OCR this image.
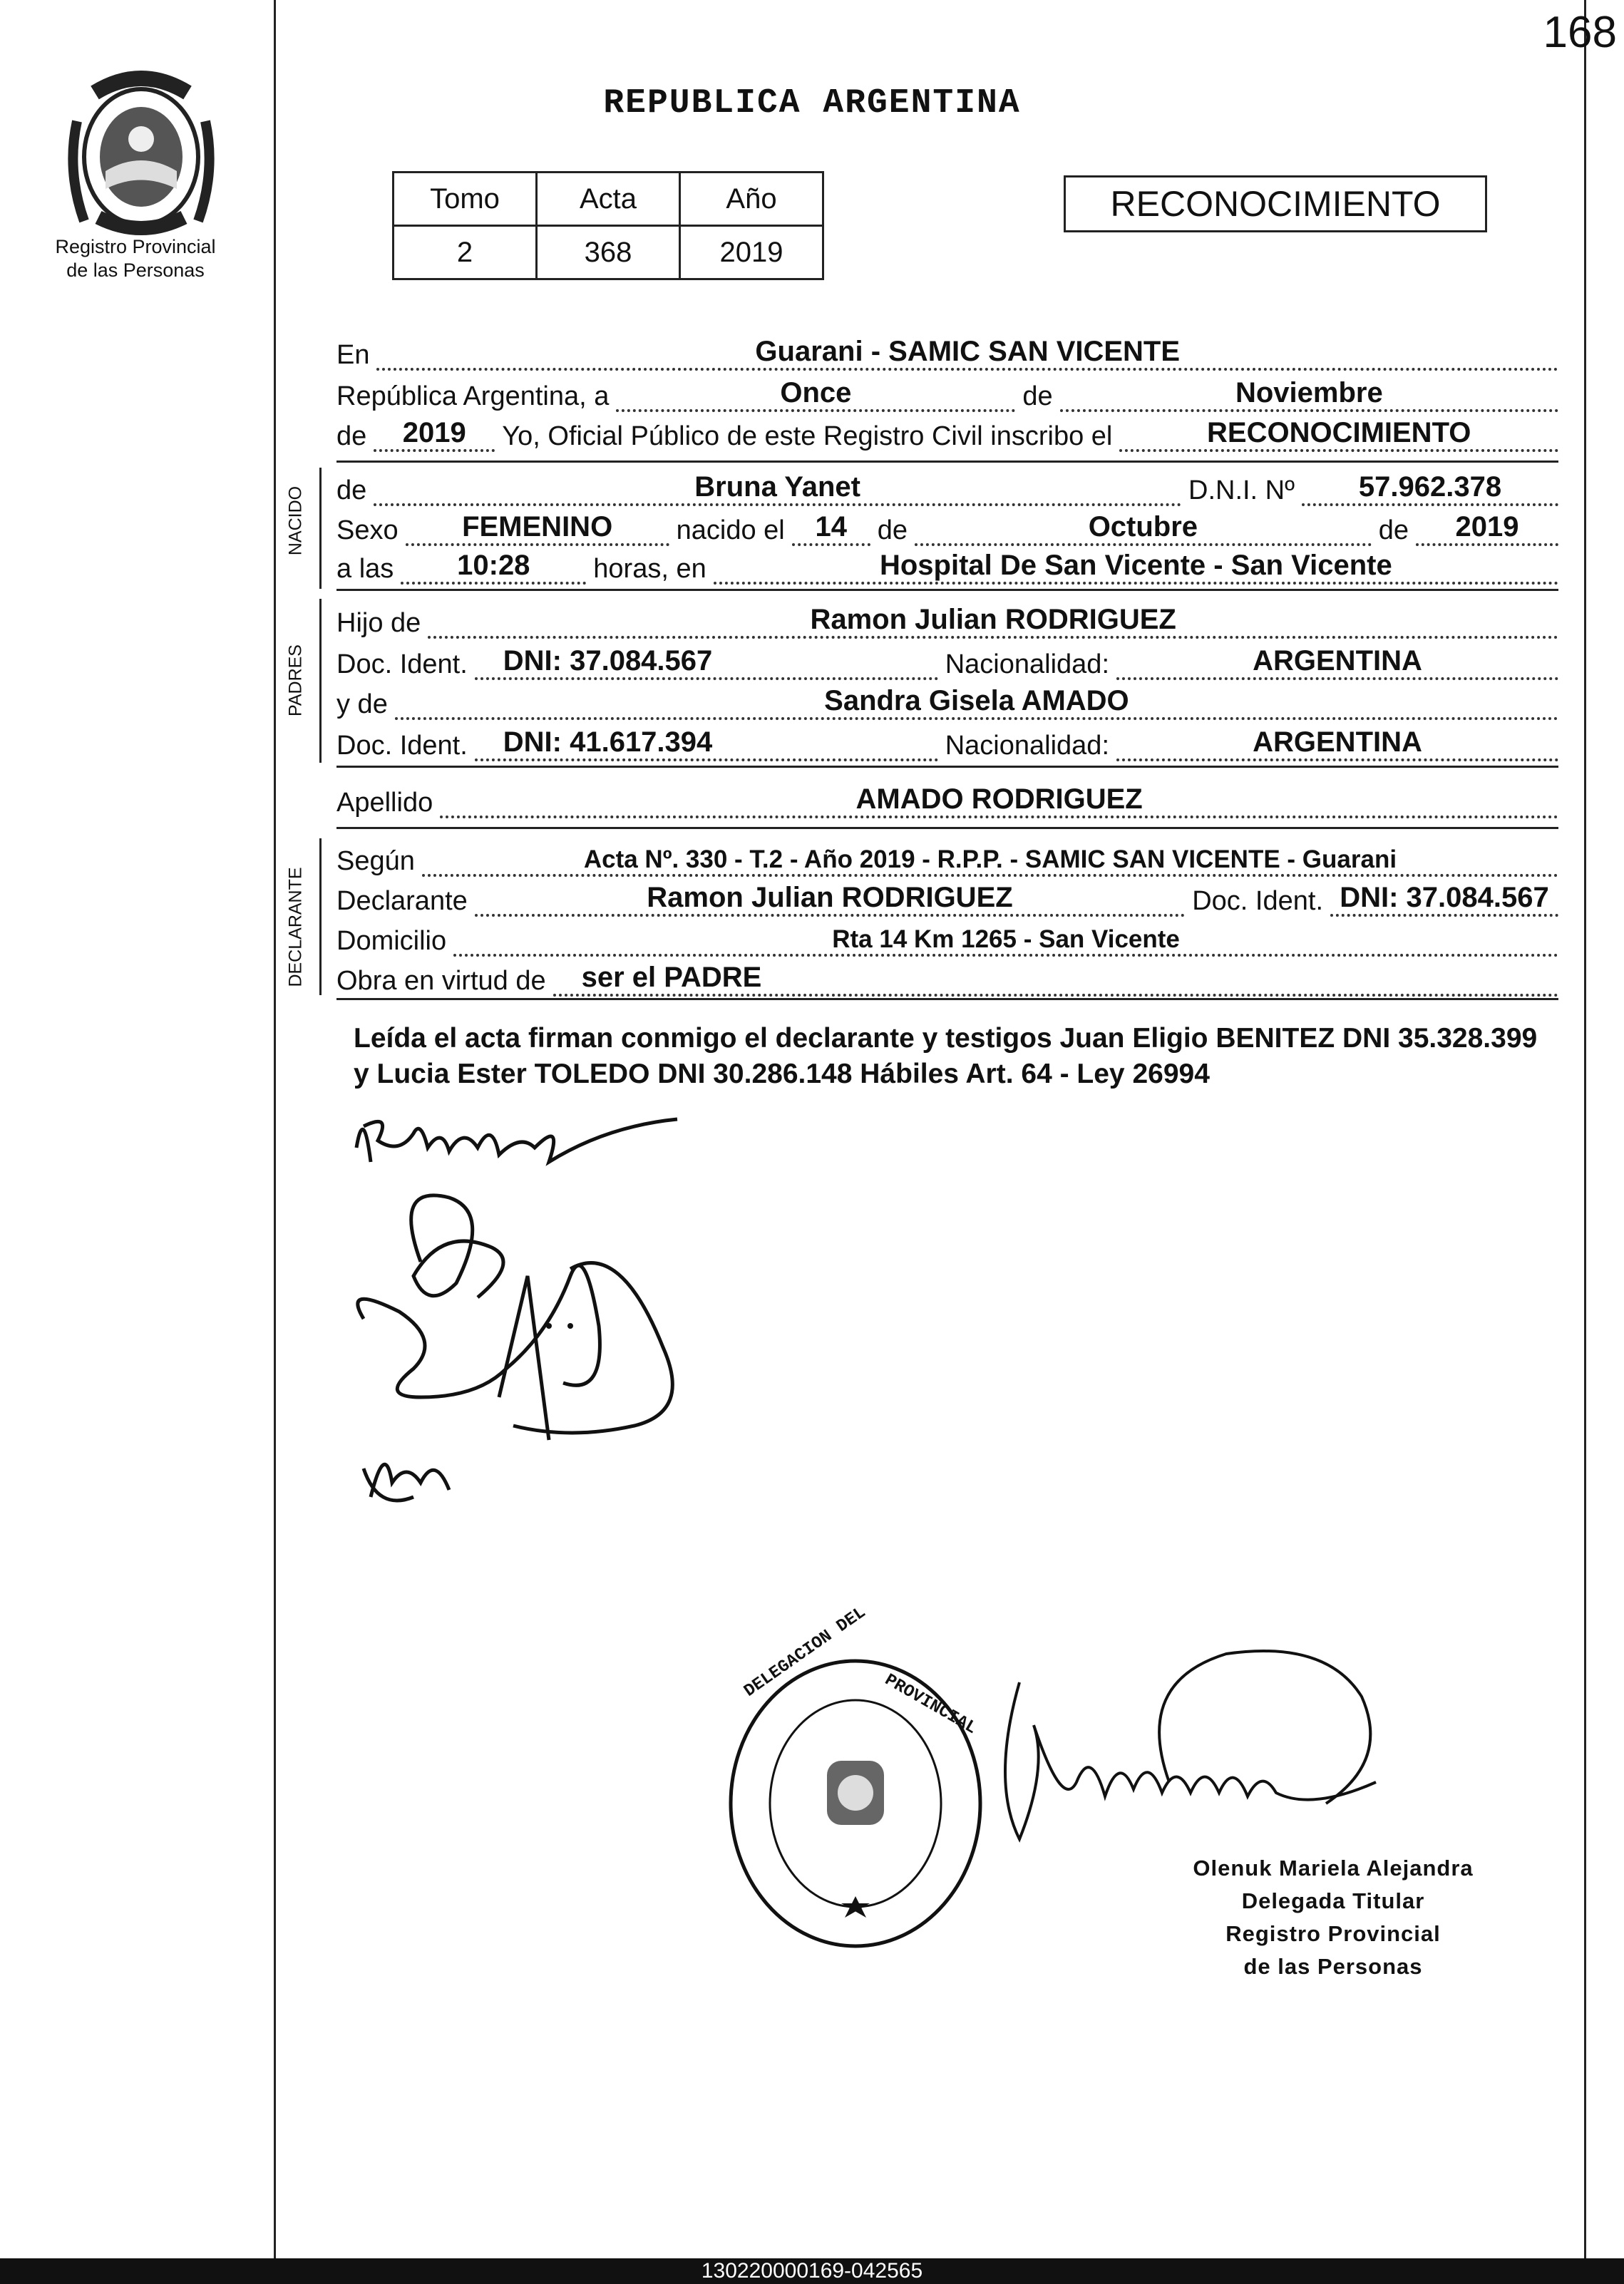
168
Registro Provincial
de las Personas
REPUBLICA ARGENTINA
Tomo	Acta	Año
2	368	2019
RECONOCIMIENTO
En	Guarani - SAMIC SAN VICENTE
República Argentina, a	Once	de	Noviembre
de	2019	Yo, Oficial Público de este Registro Civil inscribo el	RECONOCIMIENTO
NACIDO de	Bruna Yanet	D.N.I. Nº	57.962.378
Sexo	FEMENINO	nacido el	14	de	Octubre	de	2019
a las	10:28	horas, en	Hospital De San Vicente - San Vicente
PADRES
Hijo de	Ramon Julian RODRIGUEZ
Doc. Ident.	DNI: 37.084.567	Nacionalidad:	ARGENTINA
y de	Sandra Gisela AMADO
Doc. Ident.	DNI: 41.617.394	Nacionalidad:	ARGENTINA
Apellido	AMADO RODRIGUEZ
DECLARANTE
Según	Acta Nº. 330 - T.2 - Año 2019 - R.P.P. - SAMIC SAN VICENTE - Guarani
Declarante	Ramon Julian RODRIGUEZ	Doc. Ident. DNI: 37.084.567
Domicilio	Rta 14 Km 1265 - San Vicente
Obra en virtud de	ser el PADRE
Leída el acta firman conmigo el declarante y testigos Juan Eligio BENITEZ DNI 35.328.399 y Lucia Ester TOLEDO DNI 30.286.148 Hábiles Art. 64 - Ley 26994
DELEGACION DEL
PROVINCIAL
Olenuk Mariela Alejandra
Delegada Titular
Registro Provincial
de las Personas
130220000169-042565
